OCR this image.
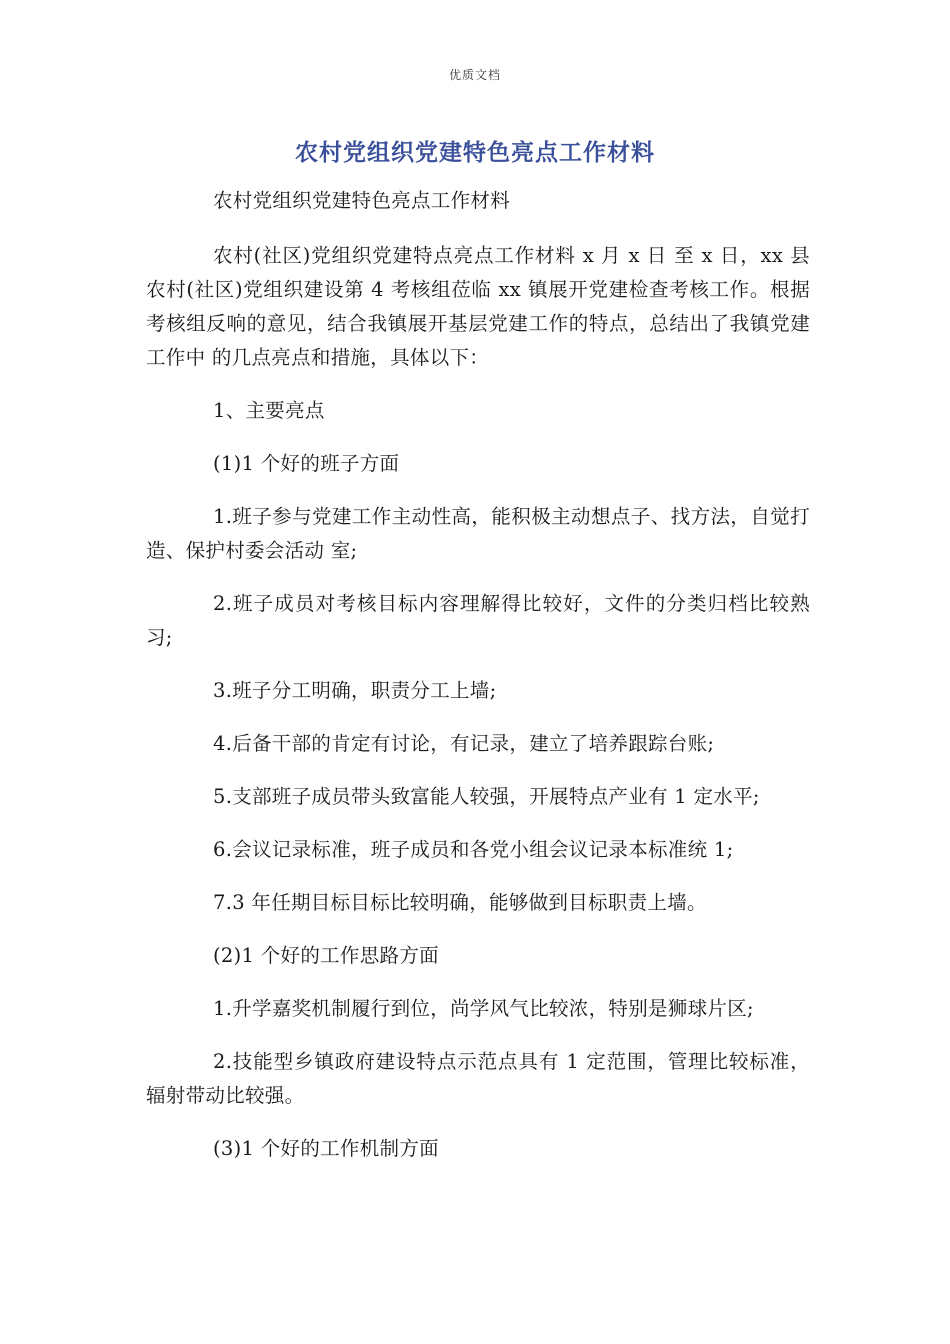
优质文档
农村党组织党建特色亮点工作材料

农村党组织党建特色亮点工作材料

农村(社区)党组织党建特点亮点工作材料 x 月 x 日 至 x 日，xx 县农村(社区)党组织建设第 4 考核组莅临 xx 镇展开党建检查考核工作。根据考核组反响的意见，结合我镇展开基层党建工作的特点，总结出了我镇党建工作中 的几点亮点和措施，具体以下：

1、主要亮点

(1)1 个好的班子方面

1.班子参与党建工作主动性高，能积极主动想点子、找方法，自觉打造、保护村委会活动 室;

2.班子成员对考核目标内容理解得比较好，文件的分类归档比较熟习;

3.班子分工明确，职责分工上墙;

4.后备干部的肯定有讨论，有记录，建立了培养跟踪台账;

5.支部班子成员带头致富能人较强，开展特点产业有 1 定水平;

6.会议记录标准，班子成员和各党小组会议记录本标准统 1;

7.3 年任期目标目标比较明确，能够做到目标职责上墙。

(2)1 个好的工作思路方面

1.升学嘉奖机制履行到位，尚学风气比较浓，特别是狮球片区;

2.技能型乡镇政府建设特点示范点具有 1 定范围，管理比较标准，辐射带动比较强。

(3)1 个好的工作机制方面
